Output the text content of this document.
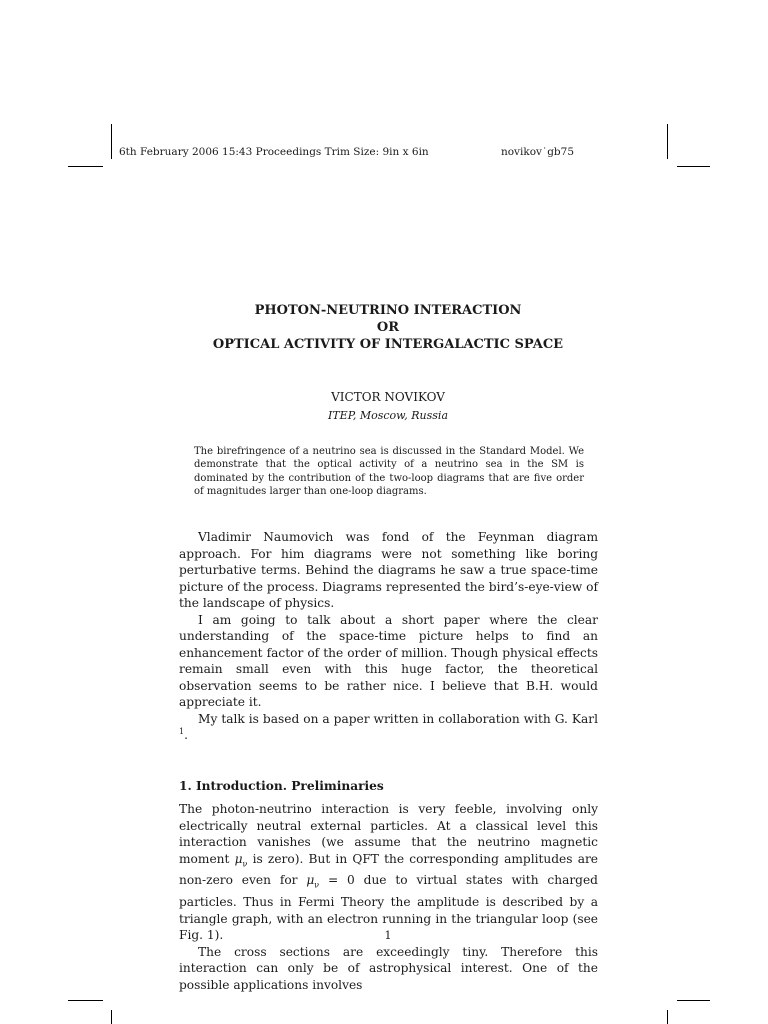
6th February 2006 15:43 Proceedings Trim Size: 9in x 6in	novikov˙gb75
PHOTON-NEUTRINO INTERACTION
OR
OPTICAL ACTIVITY OF INTERGALACTIC SPACE
VICTOR NOVIKOV
ITEP, Moscow, Russia
The birefringence of a neutrino sea is discussed in the Standard Model. We demonstrate that the optical activity of a neutrino sea in the SM is dominated by the contribution of the two-loop diagrams that are five order of magnitudes larger than one-loop diagrams.

Vladimir Naumovich was fond of the Feynman diagram approach. For him diagrams were not something like boring perturbative terms. Behind the diagrams he saw a true space-time picture of the process. Diagrams represented the bird’s-eye-view of the landscape of physics.

I am going to talk about a short paper where the clear understanding of the space-time picture helps to find an enhancement factor of the order of million. Though physical effects remain small even with this huge factor, the theoretical observation seems to be rather nice. I believe that B.H. would appreciate it.

My talk is based on a paper written in collaboration with G. Karl $^1$.

1. Introduction. Preliminaries

The photon-neutrino interaction is very feeble, involving only electrically neutral external particles. At a classical level this interaction vanishes (we assume that the neutrino magnetic moment $\mu_\nu$ is zero). But in QFT the corresponding amplitudes are non-zero even for $\mu_\nu = 0$ due to virtual states with charged particles. Thus in Fermi Theory the amplitude is described by a triangle graph, with an electron running in the triangular loop (see Fig. 1).

The cross sections are exceedingly tiny. Therefore this interaction can only be of astrophysical interest. One of the possible applications involves

1
